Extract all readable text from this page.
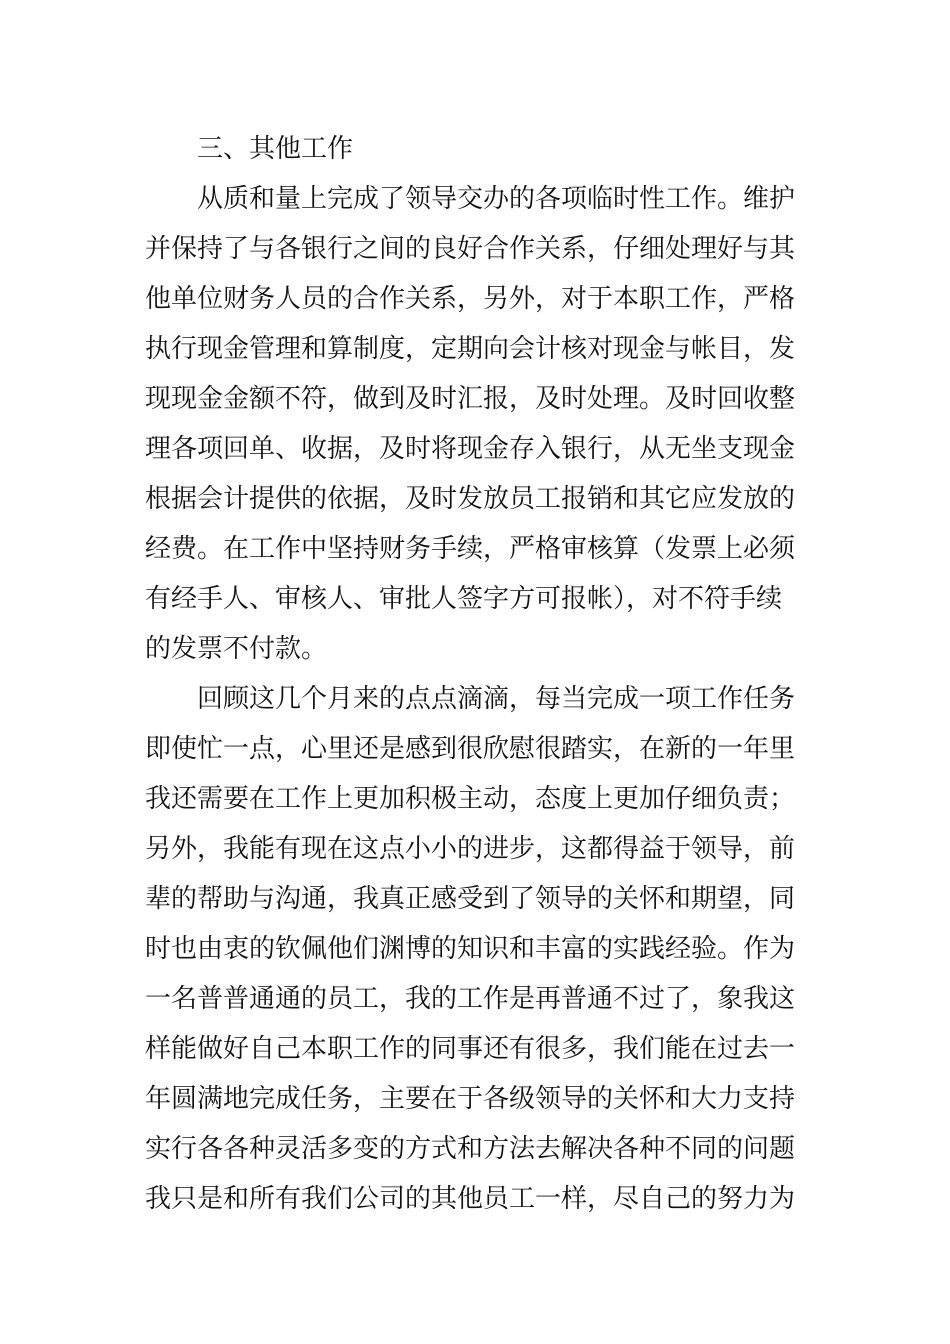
三、其他工作
从质和量上完成了领导交办的各项临时性工作。维护
并保持了与各银行之间的良好合作关系，仔细处理好与其
他单位财务人员的合作关系，另外，对于本职工作，严格
执行现金管理和算制度，定期向会计核对现金与帐目，发
现现金金额不符，做到及时汇报，及时处理。及时回收整
理各项回单、收据，及时将现金存入银行，从无坐支现金
根据会计提供的依据，及时发放员工报销和其它应发放的
经费。在工作中坚持财务手续，严格审核算（发票上必须
有经手人、审核人、审批人签字方可报帐），对不符手续
的发票不付款。
回顾这几个月来的点点滴滴，每当完成一项工作任务
即使忙一点，心里还是感到很欣慰很踏实，在新的一年里
我还需要在工作上更加积极主动，态度上更加仔细负责；
另外，我能有现在这点小小的进步，这都得益于领导，前
辈的帮助与沟通，我真正感受到了领导的关怀和期望，同
时也由衷的钦佩他们渊博的知识和丰富的实践经验。作为
一名普普通通的员工，我的工作是再普通不过了，象我这
样能做好自己本职工作的同事还有很多，我们能在过去一
年圆满地完成任务，主要在于各级领导的关怀和大力支持
实行各各种灵活多变的方式和方法去解决各种不同的问题
我只是和所有我们公司的其他员工一样，尽自己的努力为
